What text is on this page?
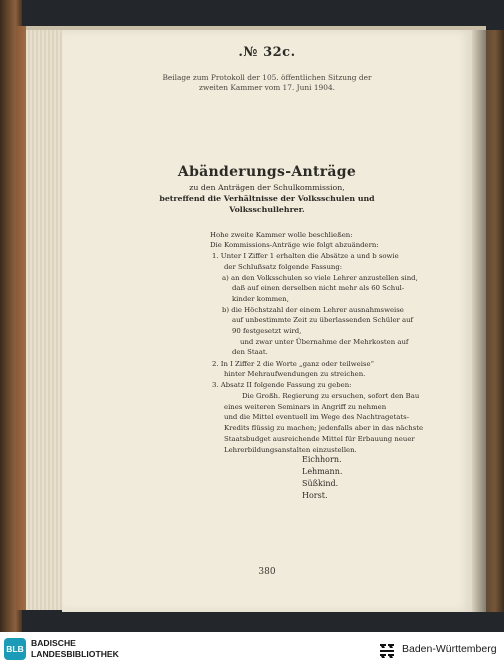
.№ 32c.
Beilage zum Protokoll der 105. öffentlichen Sitzung der
zweiten Kammer vom 17. Juni 1904.
Abänderungs-Anträge
zu den Anträgen der Schulkommission,
betreffend die Verhältnisse der Volksschulen und
Volksschullehrer.
Hohe zweite Kammer wolle beschließen:
Die Kommissions-Anträge wie folgt abzuändern:
1. Unter I Ziffer 1 erhalten die Absätze a und b sowie
der Schlußsatz folgende Fassung:
a) an den Volksschulen so viele Lehrer anzustellen sind,
daß auf einen derselben nicht mehr als 60 Schul-
kinder kommen,
b) die Höchstzahl der einem Lehrer ausnahmsweise
auf unbestimmte Zeit zu überlassenden Schüler auf
90 festgesetzt wird,
und zwar unter Übernahme der Mehrkosten auf
den Staat.
2. In I Ziffer 2 die Worte „ganz oder teilweise“
hinter Mehraufwendungen zu streichen.
3. Absatz II folgende Fassung zu geben:
Die Großh. Regierung zu ersuchen, sofort den Bau
eines weiteren Seminars in Angriff zu nehmen
und die Mittel eventuell im Wege des Nachtragetats-
Kredits flüssig zu machen; jedenfalls aber in das nächste
Staatsbudget ausreichende Mittel für Erbauung neuer
Lehrerbildungsanstalten einzustellen.
Eichhorn.
Lehmann.
Süßkind.
Horst.
380
BLB
BADISCHE
LANDESBIBLIOTHEK	Baden-Württemberg
